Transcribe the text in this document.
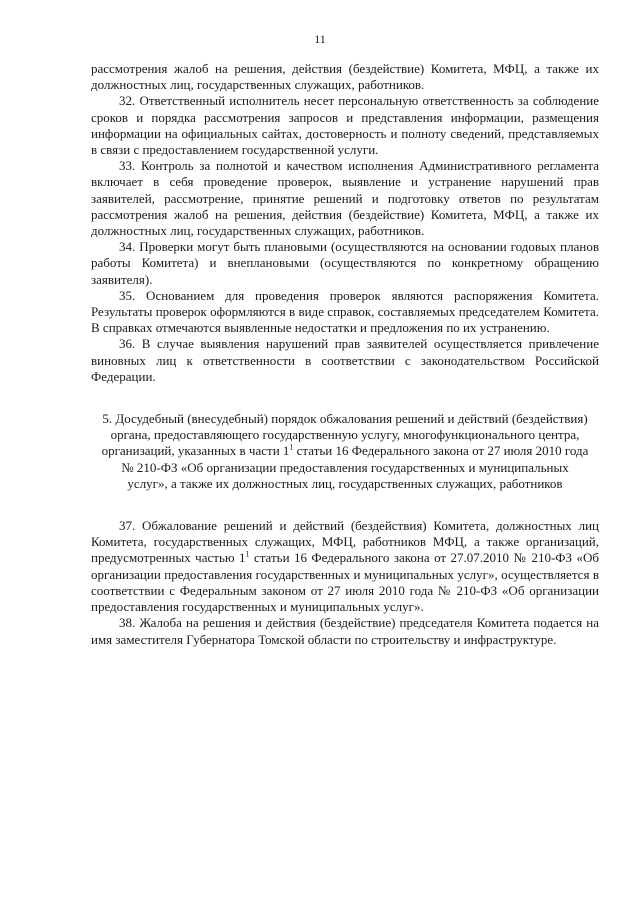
11

рассмотрения жалоб на решения, действия (бездействие) Комитета, МФЦ, а также их должностных лиц, государственных служащих, работников.

32. Ответственный исполнитель несет персональную ответственность за соблюдение сроков и порядка рассмотрения запросов и представления информации, размещения информации на официальных сайтах, достоверность и полноту сведений, представляемых в связи с предоставлением государственной услуги.

33. Контроль за полнотой и качеством исполнения Административного регламента включает в себя проведение проверок, выявление и устранение нарушений прав заявителей, рассмотрение, принятие решений и подготовку ответов по результатам рассмотрения жалоб на решения, действия (бездействие) Комитета, МФЦ, а также их должностных лиц, государственных служащих, работников.

34. Проверки могут быть плановыми (осуществляются на основании годовых планов работы Комитета) и внеплановыми (осуществляются по конкретному обращению заявителя).

35. Основанием для проведения проверок являются распоряжения Комитета. Результаты проверок оформляются в виде справок, составляемых председателем Комитета. В справках отмечаются выявленные недостатки и предложения по их устранению.

36. В случае выявления нарушений прав заявителей осуществляется привлечение виновных лиц к ответственности в соответствии с законодательством Российской Федерации.

5. Досудебный (внесудебный) порядок обжалования решений и действий (бездействия) органа, предоставляющего государственную услугу, многофункционального центра, организаций, указанных в части $1^1$ статьи 16 Федерального закона от 27 июля 2010 года № 210-ФЗ «Об организации предоставления государственных и муниципальных услуг», а также их должностных лиц, государственных служащих, работников

37. Обжалование решений и действий (бездействия) Комитета, должностных лиц Комитета, государственных служащих, МФЦ, работников МФЦ, а также организаций, предусмотренных частью $1^1$ статьи 16 Федерального закона от 27.07.2010 № 210-ФЗ «Об организации предоставления государственных и муниципальных услуг», осуществляется в соответствии с Федеральным законом от 27 июля 2010 года № 210-ФЗ «Об организации предоставления государственных и муниципальных услуг».

38. Жалоба на решения и действия (бездействие) председателя Комитета подается на имя заместителя Губернатора Томской области по строительству и инфраструктуре.
